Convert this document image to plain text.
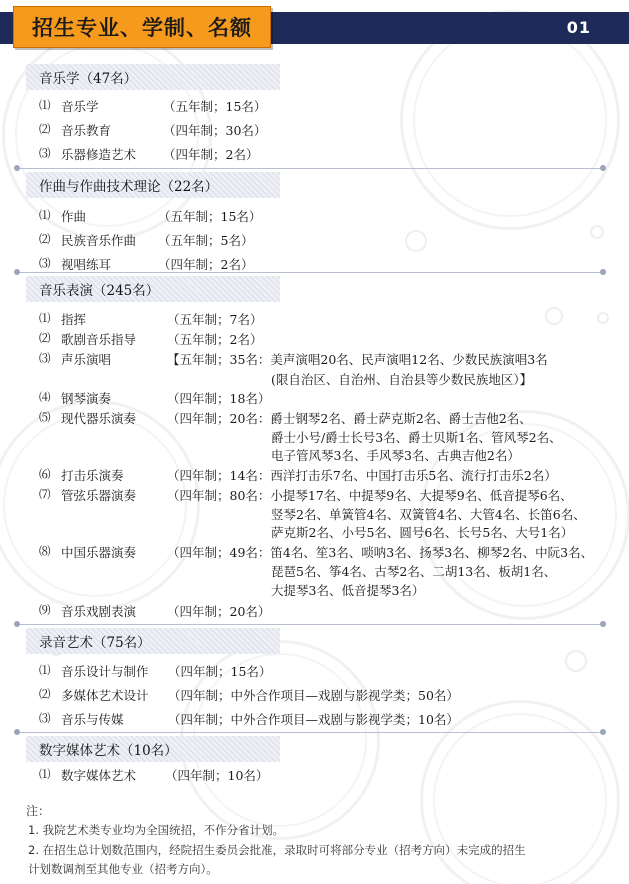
招生专业、学制、名额	01
音乐学（47名）
⑴ 音乐学	（五年制；15名）
⑵ 音乐教育	（四年制；30名）
⑶ 乐器修造艺术 （四年制；2名）
作曲与作曲技术理论（22名）
⑴ 作曲	（五年制；15名）
⑵ 民族音乐作曲 （五年制；5名）
⑶ 视唱练耳	（四年制；2名）
音乐表演（245名）
⑴ 指挥	（五年制；7名）
⑵ 歌剧音乐指导 （五年制；2名）
⑶ 声乐演唱	【五年制；35名：美声演唱20名、民声演唱12名、少数民族演唱3名
(限自治区、自治州、自治县等少数民族地区）】
⑷ 钢琴演奏	（四年制；18名）
⑸ 现代器乐演奏 （四年制；20名：爵士钢琴2名、爵士萨克斯2名、爵士吉他2名、
爵士小号/爵士长号3名、爵士贝斯1名、管风琴2名、
电子管风琴3名、手风琴3名、古典吉他2名）
⑹ 打击乐演奏	（四年制；14名：西洋打击乐7名、中国打击乐5名、流行打击乐2名）
⑺ 管弦乐器演奏 （四年制；80名：小提琴17名、中提琴9名、大提琴9名、低音提琴6名、
竖琴2名、单簧管4名、双簧管4名、大管4名、长笛6名、
萨克斯2名、小号5名、圆号6名、长号5名、大号1名）
⑻ 中国乐器演奏 （四年制；49名：笛4名、笙3名、唢呐3名、扬琴3名、柳琴2名、中阮3名、
琵琶5名、筝4名、古琴2名、二胡13名、板胡1名、
大提琴3名、低音提琴3名）
⑼ 音乐戏剧表演 （四年制；20名）
录音艺术（75名）
⑴ 音乐设计与制作 （四年制；15名）
⑵ 多媒体艺术设计 （四年制；中外合作项目—戏剧与影视学类；50名）
⑶ 音乐与传媒	（四年制；中外合作项目—戏剧与影视学类；10名）
数字媒体艺术（10名）
⑴ 数字媒体艺术 （四年制；10名）
注：
1. 我院艺术类专业均为全国统招，不作分省计划。
2. 在招生总计划数范围内，经院招生委员会批准，录取时可将部分专业（招考方向）未完成的招生
计划数调剂至其他专业（招考方向）。
